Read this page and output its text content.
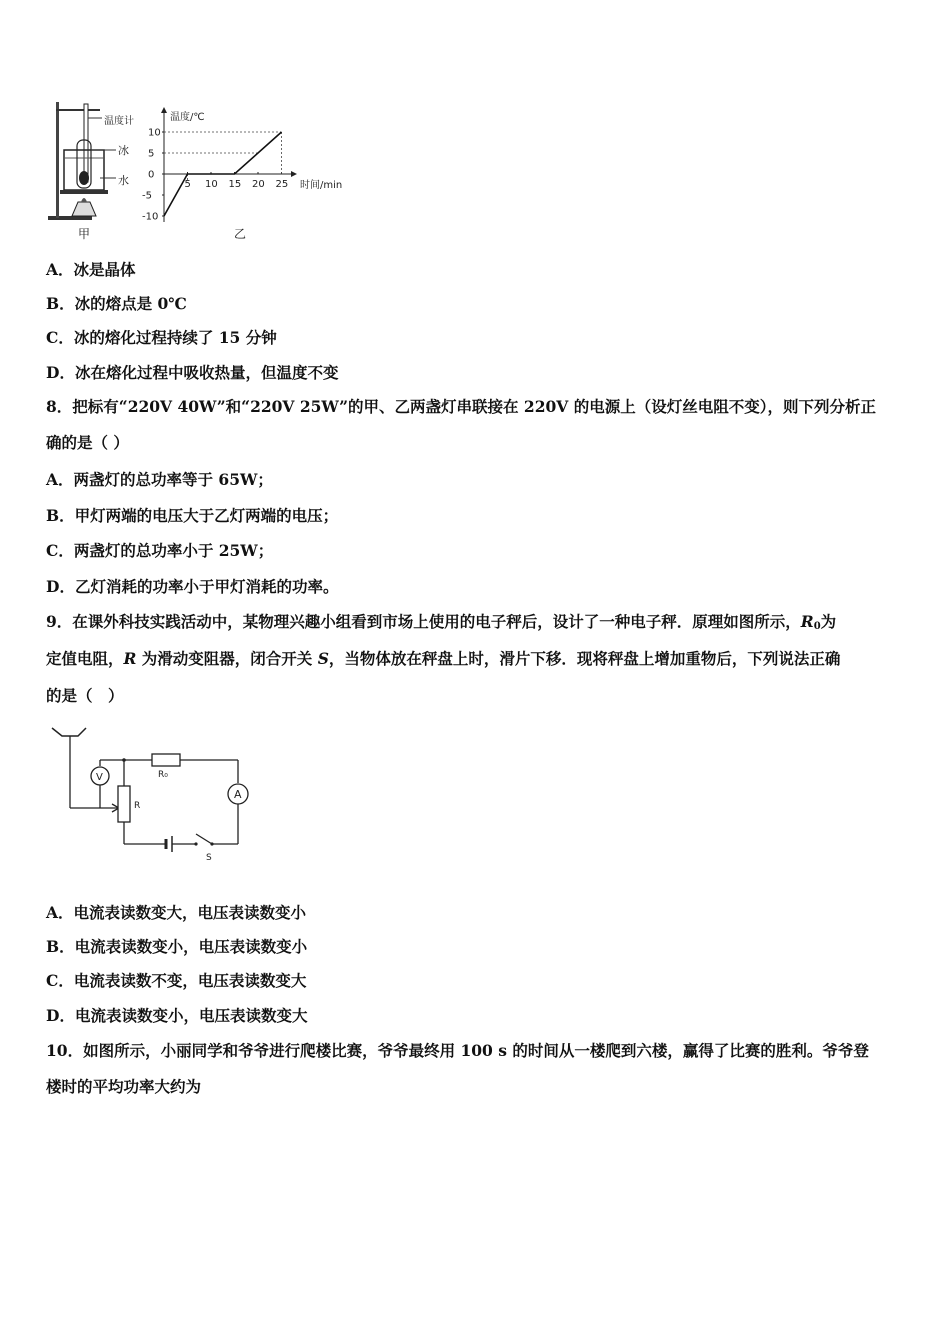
温度计
冰
水
甲
温度/℃
时间/min
-10
-5
0
5
10
5 10 15 20 25
乙
A．冰是晶体
B．冰的熔点是 0℃
C．冰的熔化过程持续了 15 分钟
D．冰在熔化过程中吸收热量，但温度不变
8．把标有“220V 40W”和“220V 25W”的甲、乙两盏灯串联接在 220V 的电源上（设灯丝电阻不变），则下列分析正
确的是（ ）
A．两盏灯的总功率等于 65W；
B．甲灯两端的电压大于乙灯两端的电压；
C．两盏灯的总功率小于 25W；
D．乙灯消耗的功率小于甲灯消耗的功率。
9．在课外科技实践活动中，某物理兴趣小组看到市场上使用的电子秤后，设计了一种电子秤．原理如图所示，$R_0$为
定值电阻，R 为滑动变阻器，闭合开关 S，当物体放在秤盘上时，滑片下移．现将秤盘上增加重物后，下列说法正确
的是（　）
R₀
A
S
R
V
A．电流表读数变大，电压表读数变小
B．电流表读数变小，电压表读数变小
C．电流表读数不变，电压表读数变大
D．电流表读数变小，电压表读数变大
10．如图所示，小丽同学和爷爷进行爬楼比赛，爷爷最终用 100 s 的时间从一楼爬到六楼，赢得了比赛的胜利。爷爷登
楼时的平均功率大约为
